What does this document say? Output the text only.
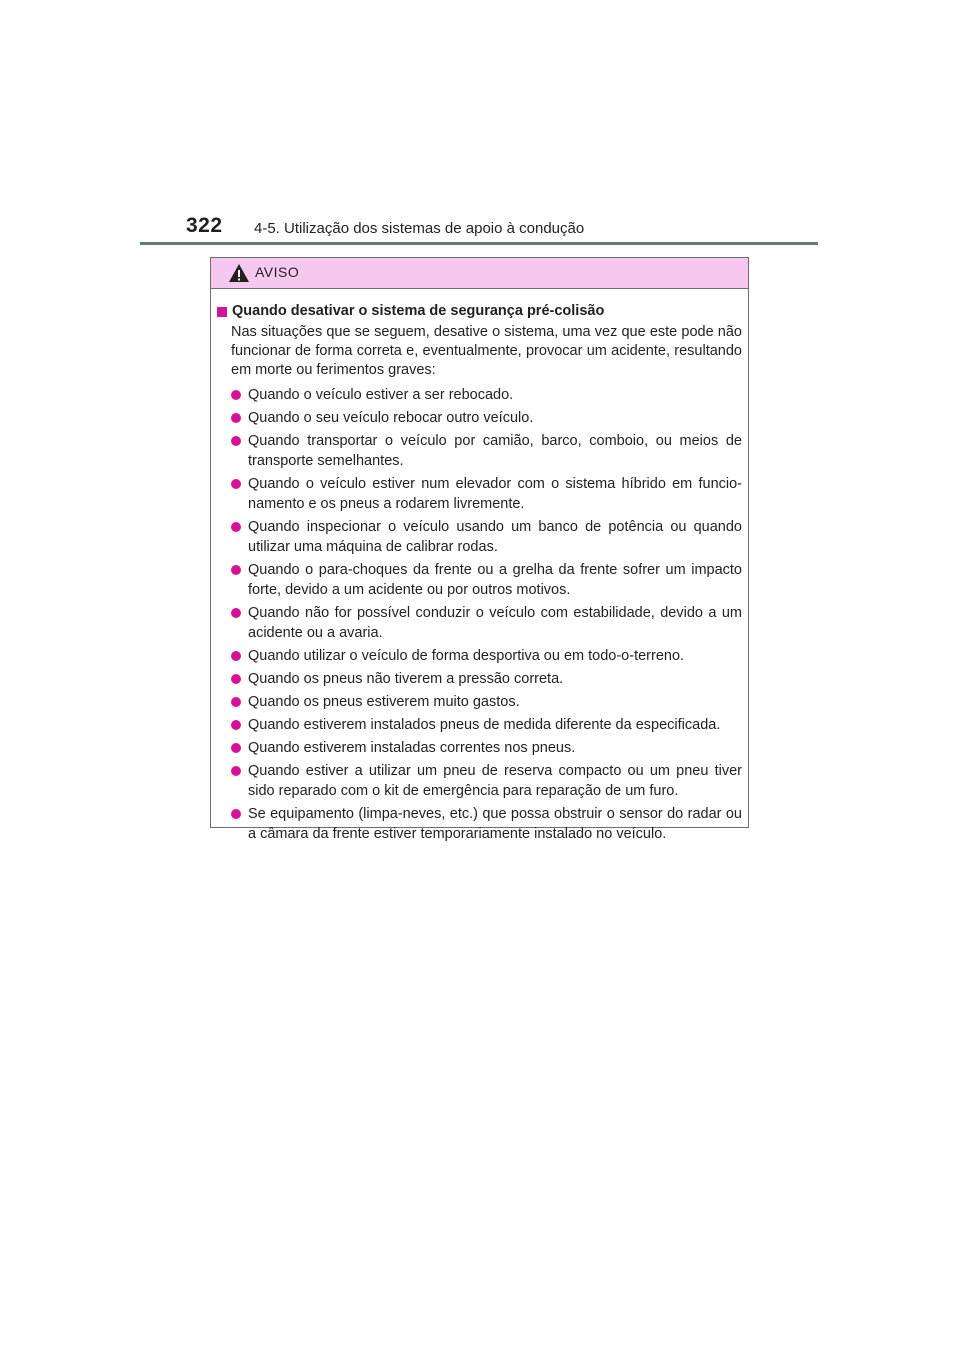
322 4-5. Utilização dos sistemas de apoio à condução
AVISO
Quando desativar o sistema de segurança pré-colisão

Nas situações que se seguem, desative o sistema, uma vez que este pode não funcionar de forma correta e, eventualmente, provocar um acidente, resultando em morte ou ferimentos graves:

Quando o veículo estiver a ser rebocado.
Quando o seu veículo rebocar outro veículo.
Quando transportar o veículo por camião, barco, comboio, ou meios de transporte semelhantes.
Quando o veículo estiver num elevador com o sistema híbrido em funcio-namento e os pneus a rodarem livremente.
Quando inspecionar o veículo usando um banco de potência ou quando utilizar uma máquina de calibrar rodas.
Quando o para-choques da frente ou a grelha da frente sofrer um impacto forte, devido a um acidente ou por outros motivos.
Quando não for possível conduzir o veículo com estabilidade, devido a um acidente ou a avaria.
Quando utilizar o veículo de forma desportiva ou em todo-o-terreno.
Quando os pneus não tiverem a pressão correta.
Quando os pneus estiverem muito gastos.
Quando estiverem instalados pneus de medida diferente da especificada.
Quando estiverem instaladas correntes nos pneus.
Quando estiver a utilizar um pneu de reserva compacto ou um pneu tiver sido reparado com o kit de emergência para reparação de um furo.
Se equipamento (limpa-neves, etc.) que possa obstruir o sensor do radar ou a câmara da frente estiver temporariamente instalado no veículo.
